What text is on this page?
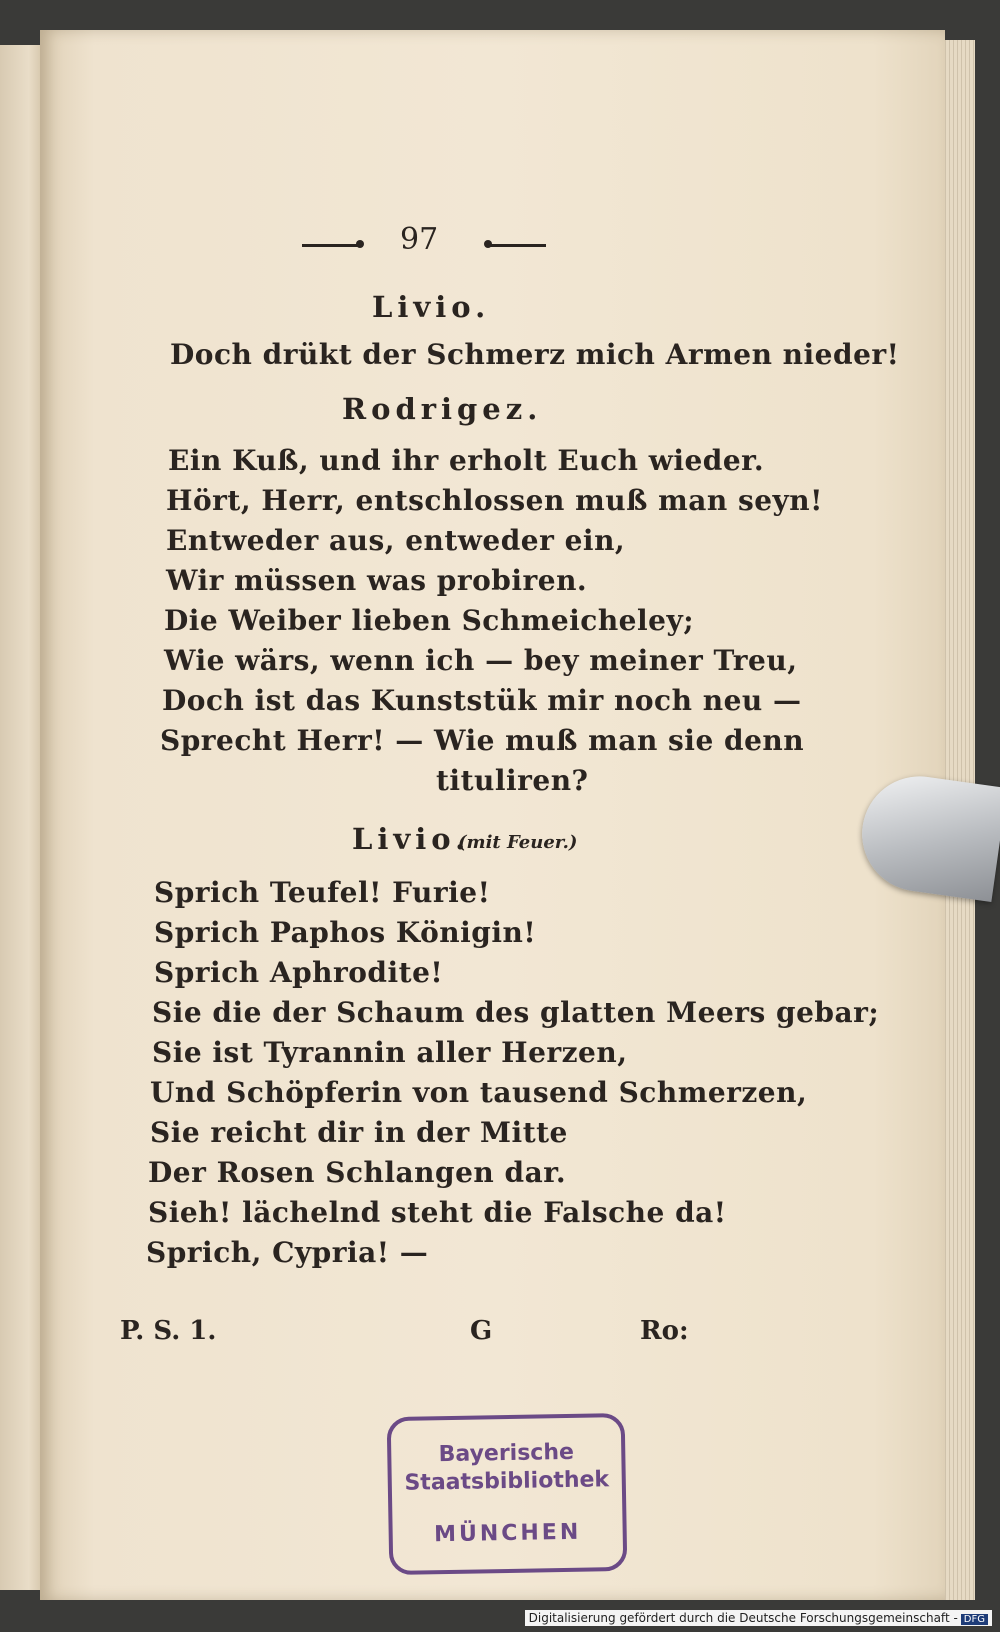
97
Livio.
Doch drükt der Schmerz mich Armen nieder!
Rodrigez.
Ein Kuß, und ihr erholt Euch wieder.
Hört, Herr, entschlossen muß man seyn!
Entweder aus, entweder ein,
Wir müssen was probiren.
Die Weiber lieben Schmeicheley;
Wie wärs, wenn ich — bey meiner Treu,
Doch ist das Kunststük mir noch neu —
Sprecht Herr! — Wie muß man sie denn
tituliren?
Livio.
(mit Feuer.)
Sprich Teufel! Furie!
Sprich Paphos Königin!
Sprich Aphrodite!
Sie die der Schaum des glatten Meers gebar;
Sie ist Tyrannin aller Herzen,
Und Schöpferin von tausend Schmerzen,
Sie reicht dir in der Mitte
Der Rosen Schlangen dar.
Sieh! lächelnd steht die Falsche da!
Sprich, Cypria! —
P. S. 1.	G	Ro:
Bayerische
Staatsbibliothek
MÜNCHEN
Digitalisierung gefördert durch die Deutsche Forschungsgemeinschaft - DFG
